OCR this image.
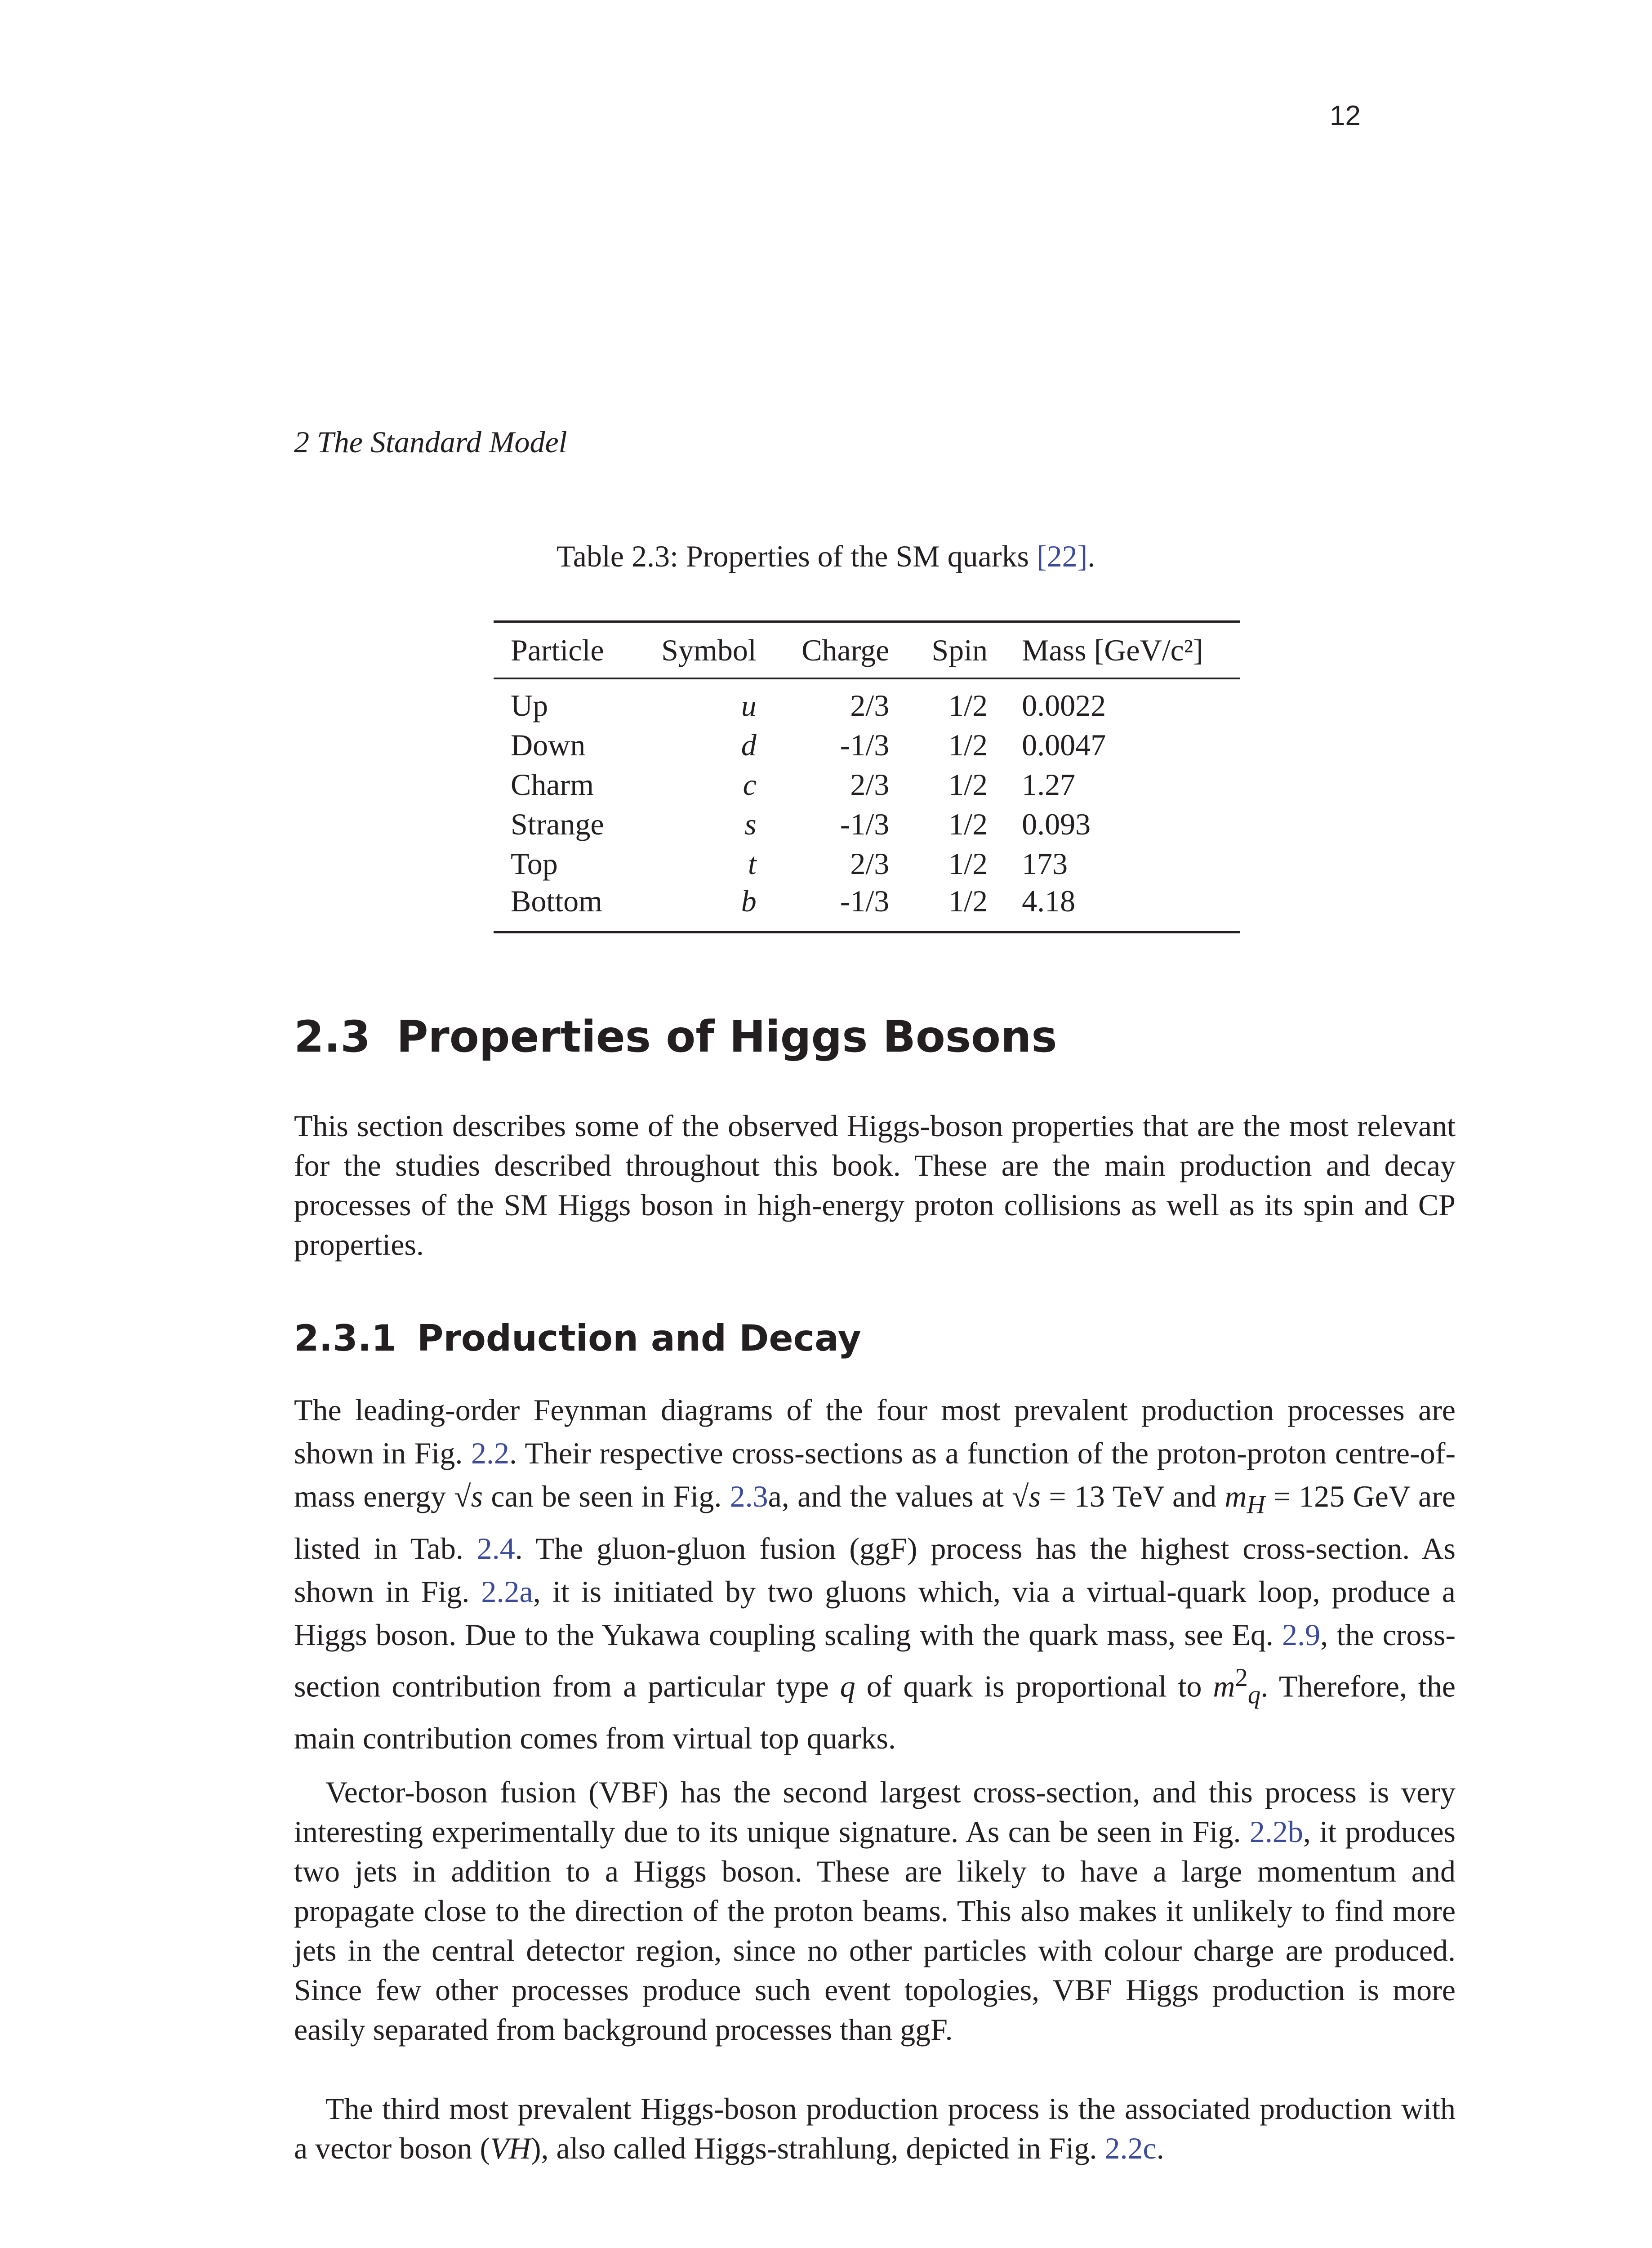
12
2 The Standard Model
Table 2.3: Properties of the SM quarks [22].
Particle	Symbol	Charge	Spin	Mass [GeV/c²]
Up	u	2/3	1/2	0.0022
Down	d	-1/3	1/2	0.0047
Charm	c	2/3	1/2	1.27
Strange	s	-1/3	1/2	0.093
Top	t	2/3	1/2	173
Bottom	b	-1/3	1/2	4.18
2.3 Properties of Higgs Bosons

This section describes some of the observed Higgs-boson properties that are the most relevant for the studies described throughout this book. These are the main production and decay processes of the SM Higgs boson in high-energy proton collisions as well as its spin and CP properties.

2.3.1 Production and Decay

The leading-order Feynman diagrams of the four most prevalent production processes are shown in Fig. 2.2. Their respective cross-sections as a function of the proton-proton centre-of-mass energy √s can be seen in Fig. 2.3a, and the values at √s = 13 TeV and $m_H = 125$ GeV are listed in Tab. 2.4. The gluon-gluon fusion (ggF) process has the highest cross-section. As shown in Fig. 2.2a, it is initiated by two gluons which, via a virtual-quark loop, produce a Higgs boson. Due to the Yukawa coupling scaling with the quark mass, see Eq. 2.9, the cross-section contribution from a particular type q of quark is proportional to $m^2_q$. Therefore, the main contribution comes from virtual top quarks.

Vector-boson fusion (VBF) has the second largest cross-section, and this process is very interesting experimentally due to its unique signature. As can be seen in Fig. 2.2b, it produces two jets in addition to a Higgs boson. These are likely to have a large momentum and propagate close to the direction of the proton beams. This also makes it unlikely to find more jets in the central detector region, since no other particles with colour charge are produced. Since few other processes produce such event topologies, VBF Higgs production is more easily separated from background processes than ggF.

The third most prevalent Higgs-boson production process is the associated production with a vector boson (VH), also called Higgs-strahlung, depicted in Fig. 2.2c.
